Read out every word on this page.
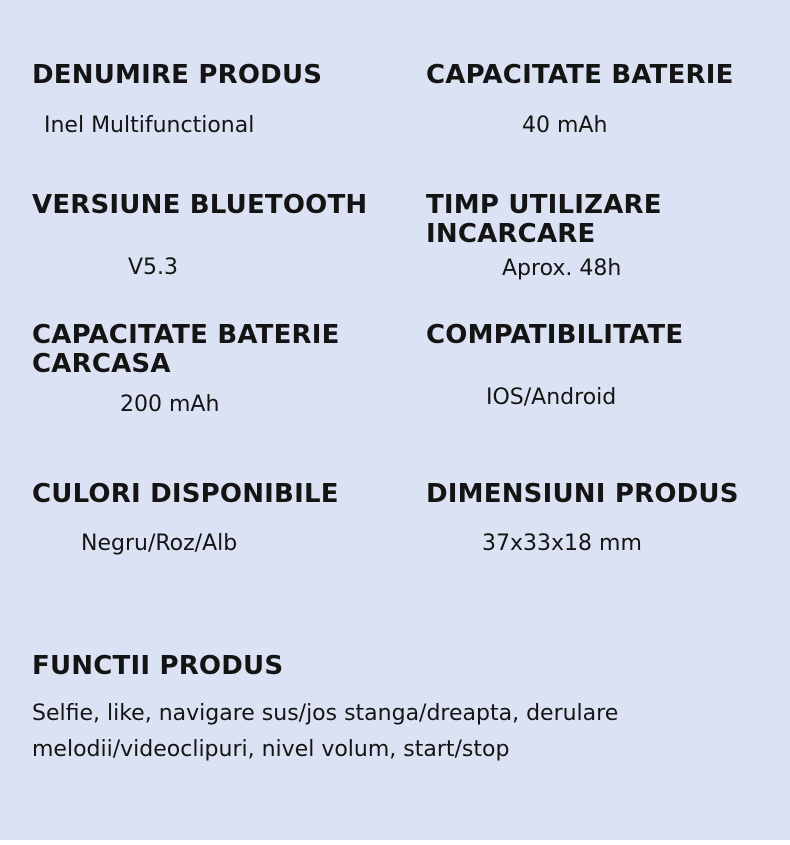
DENUMIRE PRODUS

Inel Multifunctional

CAPACITATE BATERIE

40 mAh

VERSIUNE BLUETOOTH

V5.3

TIMP UTILIZARE
INCARCARE

Aprox. 48h

CAPACITATE BATERIE
CARCASA

200 mAh

COMPATIBILITATE

IOS/Android

CULORI DISPONIBILE

Negru/Roz/Alb

DIMENSIUNI PRODUS

37x33x18 mm

FUNCTII PRODUS

Selfie, like, navigare sus/jos stanga/dreapta, derulare melodii/videoclipuri, nivel volum, start/stop
